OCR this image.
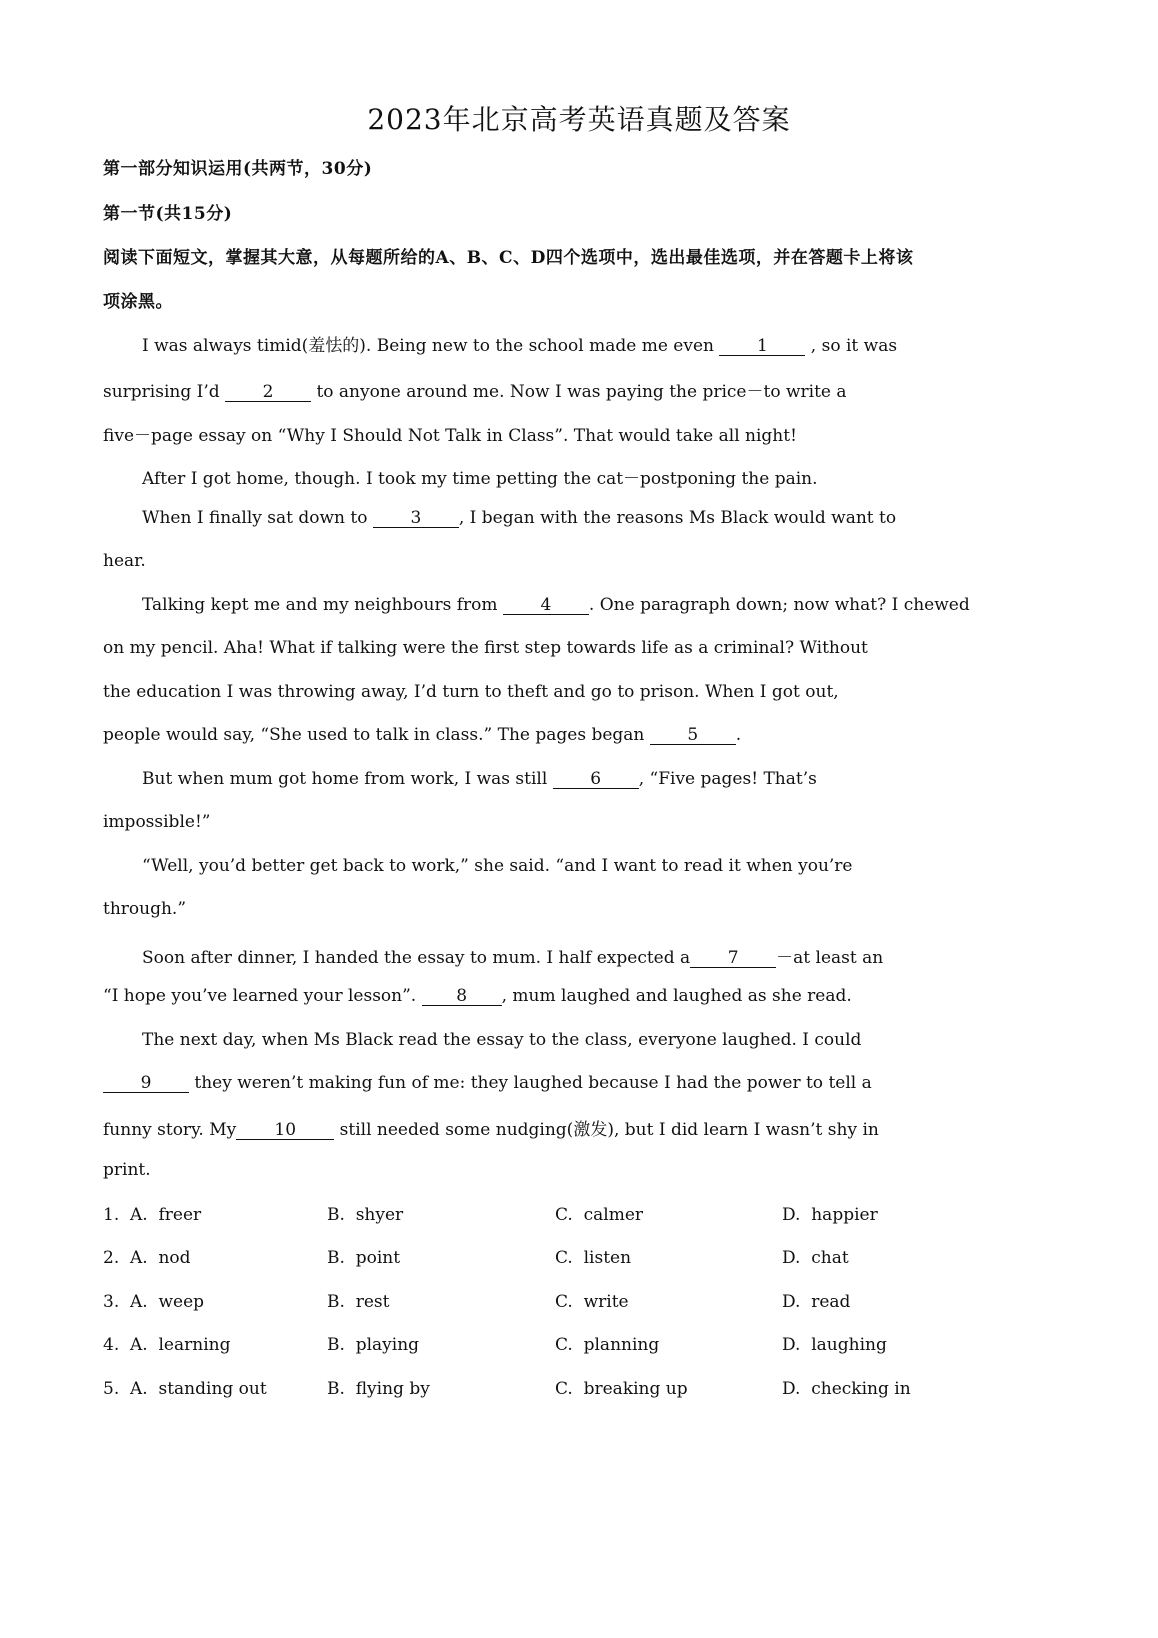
2023年北京高考英语真题及答案
第一部分知识运用(共两节，30分)
第一节(共15分)
阅读下面短文，掌握其大意，从每题所给的A、B、C、D四个选项中，选出最佳选项，并在答题卡上将该
项涂黑。
I was always timid(羞怯的). Being new to the school made me even 1 , so it was
surprising I’d 2 to anyone around me. Now I was paying the price－to write a
five－page essay on “Why I Should Not Talk in Class”. That would take all night!
After I got home, though. I took my time petting the cat－postponing the pain.
When I finally sat down to 3 , I began with the reasons Ms Black would want to
hear.
Talking kept me and my neighbours from 4 . One paragraph down; now what? I chewed
on my pencil. Aha! What if talking were the first step towards life as a criminal? Without
the education I was throwing away, I’d turn to theft and go to prison. When I got out,
people would say, “She used to talk in class.” The pages began 5 .
But when mum got home from work, I was still 6 , “Five pages! That’s
impossible!”
“Well, you’d better get back to work,” she said. “and I want to read it when you’re
through.”
Soon after dinner, I handed the essay to mum. I half expected a 7 －at least an
“I hope you’ve learned your lesson”. 8 , mum laughed and laughed as she read.
The next day, when Ms Black read the essay to the class, everyone laughed. I could
9 they weren’t making fun of me: they laughed because I had the power to tell a
funny story. My 10 still needed some nudging(激发), but I did learn I wasn’t shy in
print.
1. A.  freer	B.  shyer	C.  calmer	D.  happier
2. A.  nod	B.  point	C.  listen	D.  chat
3. A.  weep	B.  rest	C.  write	D.  read
4. A.  learning	B.  playing	C.  planning	D.  laughing
5. A.  standing out	B.  flying by	C.  breaking up	D.  checking in
